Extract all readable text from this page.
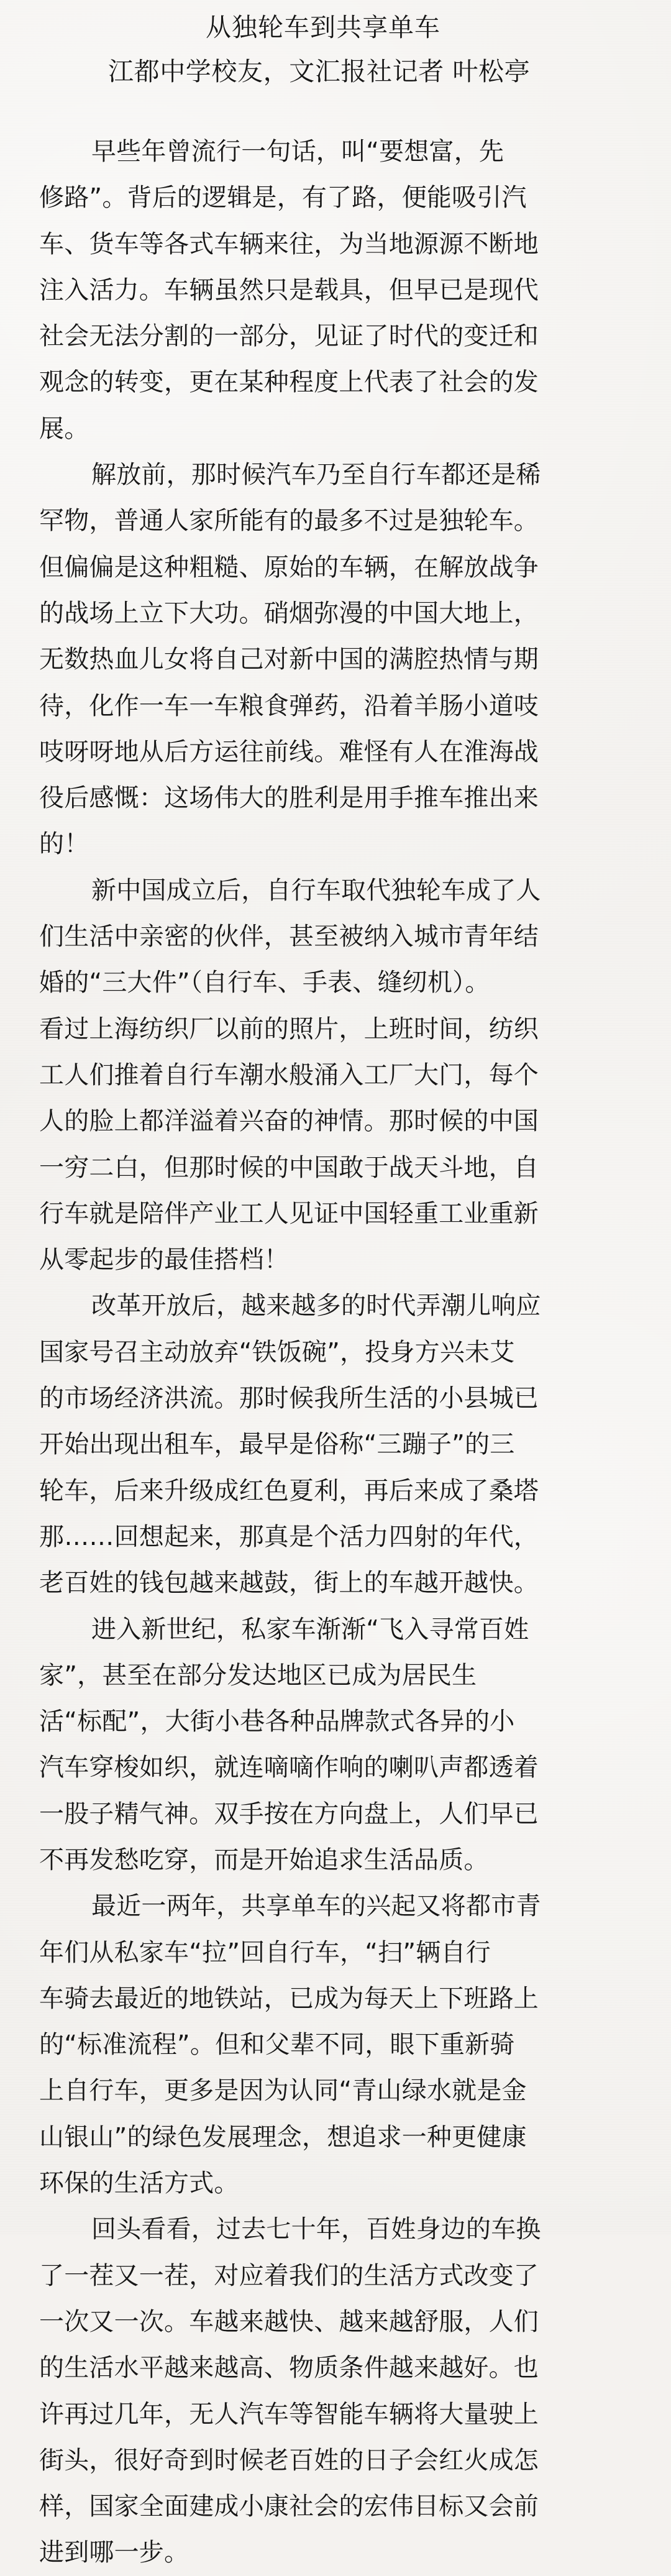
从独轮车到共享单车
江都中学校友，文汇报社记者 叶松亭
早些年曾流行一句话，叫“要想富，先
修路”。背后的逻辑是，有了路，便能吸引汽
车、货车等各式车辆来往，为当地源源不断地
注入活力。车辆虽然只是载具，但早已是现代
社会无法分割的一部分，见证了时代的变迁和
观念的转变，更在某种程度上代表了社会的发
展。
解放前，那时候汽车乃至自行车都还是稀
罕物，普通人家所能有的最多不过是独轮车。
但偏偏是这种粗糙、原始的车辆，在解放战争
的战场上立下大功。硝烟弥漫的中国大地上，
无数热血儿女将自己对新中国的满腔热情与期
待，化作一车一车粮食弹药，沿着羊肠小道吱
吱呀呀地从后方运往前线。难怪有人在淮海战
役后感慨：这场伟大的胜利是用手推车推出来
的！
新中国成立后，自行车取代独轮车成了人
们生活中亲密的伙伴，甚至被纳入城市青年结
婚的“三大件”（自行车、手表、缝纫机）。
看过上海纺织厂以前的照片，上班时间，纺织
工人们推着自行车潮水般涌入工厂大门，每个
人的脸上都洋溢着兴奋的神情。那时候的中国
一穷二白，但那时候的中国敢于战天斗地，自
行车就是陪伴产业工人见证中国轻重工业重新
从零起步的最佳搭档！
改革开放后，越来越多的时代弄潮儿响应
国家号召主动放弃“铁饭碗”，投身方兴未艾
的市场经济洪流。那时候我所生活的小县城已
开始出现出租车，最早是俗称“三蹦子”的三
轮车，后来升级成红色夏利，再后来成了桑塔
那……回想起来，那真是个活力四射的年代，
老百姓的钱包越来越鼓，街上的车越开越快。
进入新世纪，私家车渐渐“飞入寻常百姓
家”，甚至在部分发达地区已成为居民生
活“标配”，大街小巷各种品牌款式各异的小
汽车穿梭如织，就连嘀嘀作响的喇叭声都透着
一股子精气神。双手按在方向盘上，人们早已
不再发愁吃穿，而是开始追求生活品质。
最近一两年，共享单车的兴起又将都市青
年们从私家车“拉”回自行车，“扫”辆自行
车骑去最近的地铁站，已成为每天上下班路上
的“标准流程”。但和父辈不同，眼下重新骑
上自行车，更多是因为认同“青山绿水就是金
山银山”的绿色发展理念，想追求一种更健康
环保的生活方式。
回头看看，过去七十年，百姓身边的车换
了一茬又一茬，对应着我们的生活方式改变了
一次又一次。车越来越快、越来越舒服，人们
的生活水平越来越高、物质条件越来越好。也
许再过几年，无人汽车等智能车辆将大量驶上
街头，很好奇到时候老百姓的日子会红火成怎
样，国家全面建成小康社会的宏伟目标又会前
进到哪一步。
